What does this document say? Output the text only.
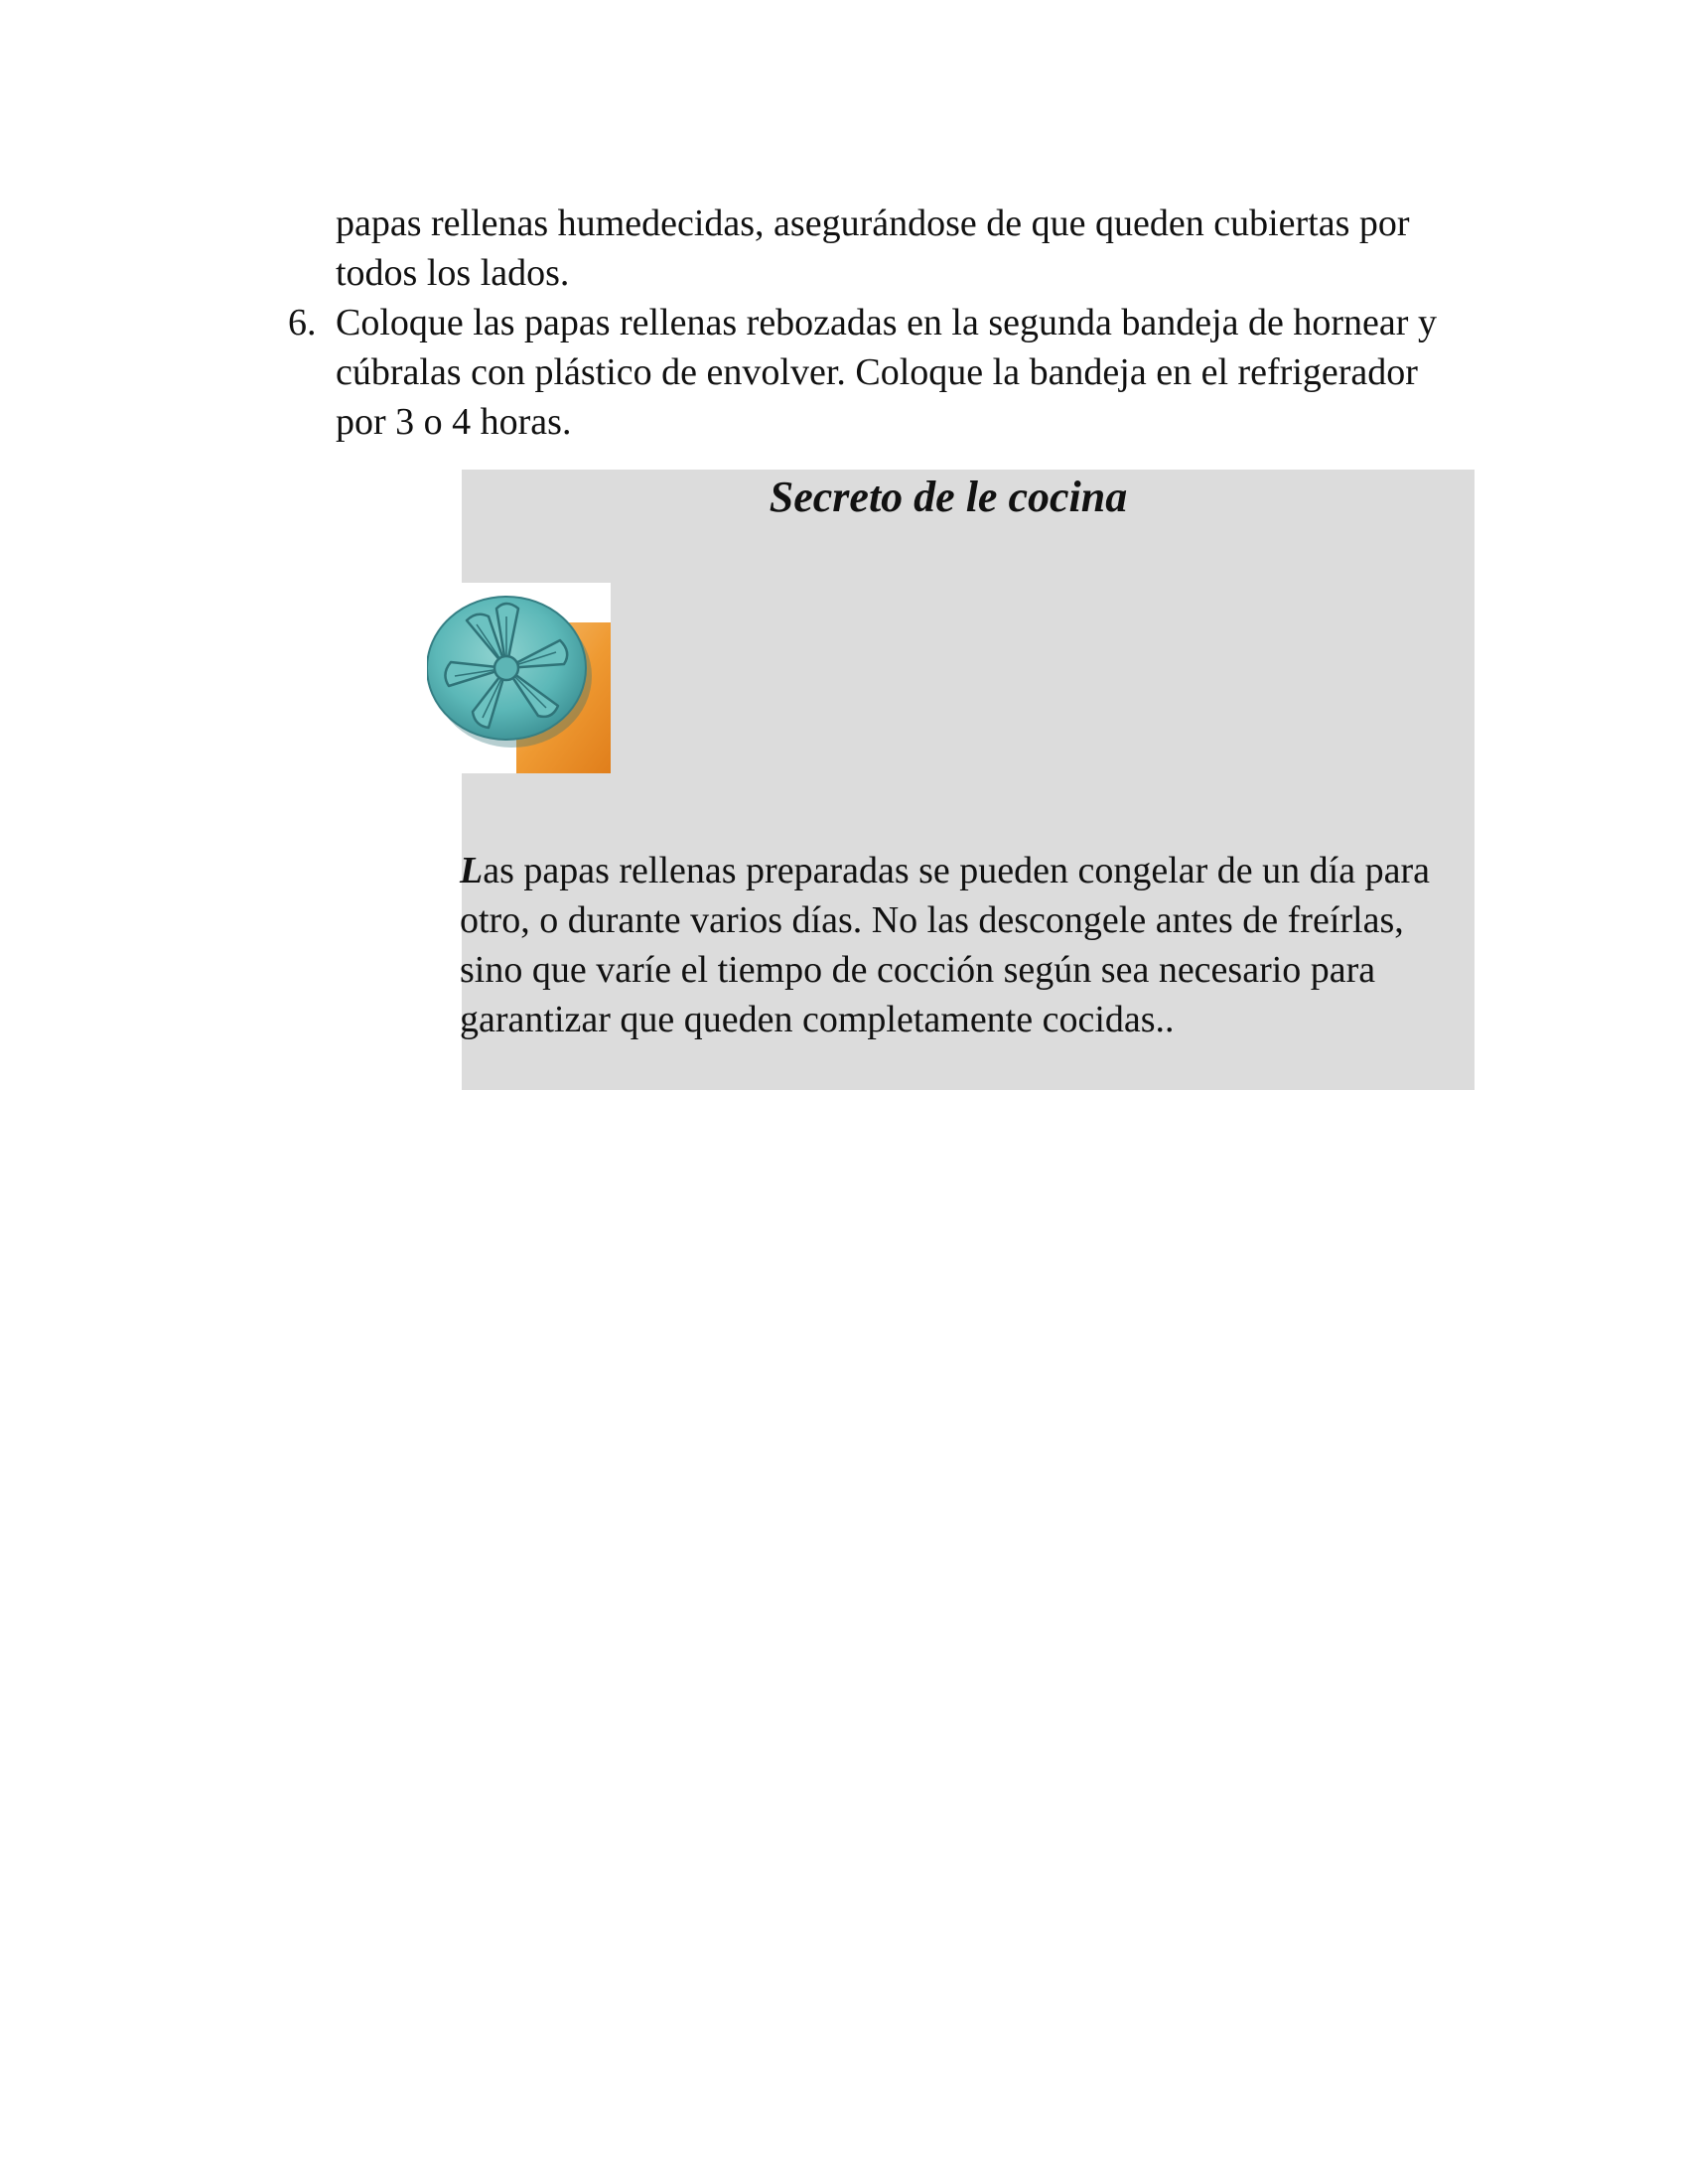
papas rellenas humedecidas, asegurándose de que queden cubiertas por todos los lados.

6. Coloque las papas rellenas rebozadas en la segunda bandeja de hornear y cúbralas con plástico de envolver. Coloque la bandeja en el refrigerador por 3 o 4 horas.
Secreto de le cocina

Las papas rellenas preparadas se pueden congelar de un día para otro, o durante varios días. No las descongele antes de freírlas, sino que varíe el tiempo de cocción según sea necesario para garantizar que queden completamente cocidas..
